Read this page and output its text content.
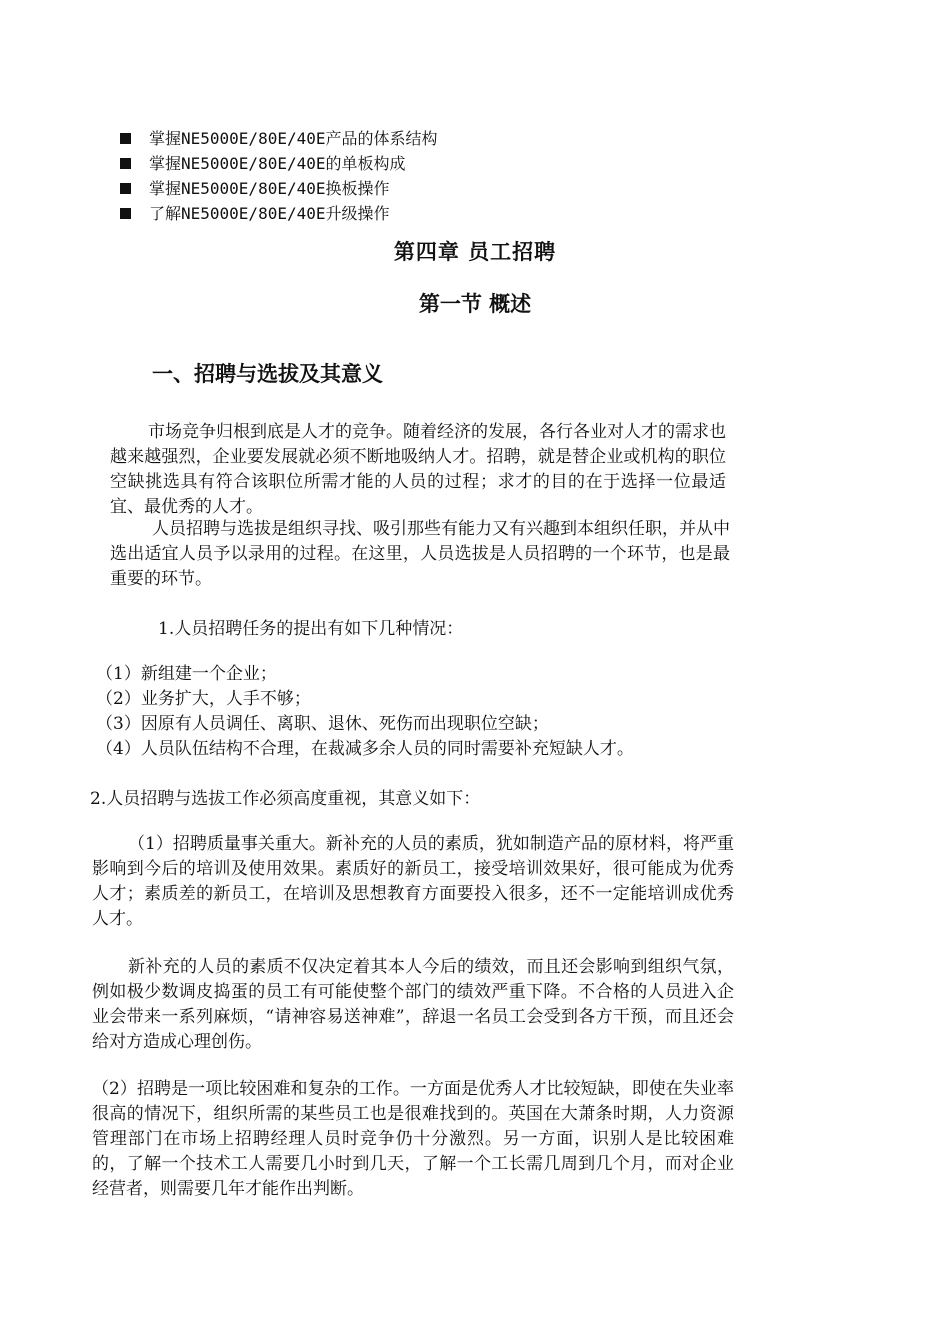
掌握NE5000E/80E/40E产品的体系结构
掌握NE5000E/80E/40E的单板构成
掌握NE5000E/80E/40E换板操作
了解NE5000E/80E/40E升级操作
第四章 员工招聘
第一节 概述
一、招聘与选拔及其意义

市场竞争归根到底是人才的竞争。随着经济的发展，各行各业对人才的需求也越来越强烈，企业要发展就必须不断地吸纳人才。招聘，就是替企业或机构的职位空缺挑选具有符合该职位所需才能的人员的过程；求才的目的在于选择一位最适宜、最优秀的人才。

人员招聘与选拔是组织寻找、吸引那些有能力又有兴趣到本组织任职，并从中选出适宜人员予以录用的过程。在这里，人员选拔是人员招聘的一个环节，也是最重要的环节。

1.人员招聘任务的提出有如下几种情况：
（1）新组建一个企业；
（2）业务扩大，人手不够；
（3）因原有人员调任、离职、退休、死伤而出现职位空缺；
（4）人员队伍结构不合理，在裁减多余人员的同时需要补充短缺人才。
2.人员招聘与选拔工作必须高度重视，其意义如下：

（1）招聘质量事关重大。新补充的人员的素质，犹如制造产品的原材料，将严重影响到今后的培训及使用效果。素质好的新员工，接受培训效果好，很可能成为优秀人才；素质差的新员工，在培训及思想教育方面要投入很多，还不一定能培训成优秀人才。

新补充的人员的素质不仅决定着其本人今后的绩效，而且还会影响到组织气氛，例如极少数调皮捣蛋的员工有可能使整个部门的绩效严重下降。不合格的人员进入企业会带来一系列麻烦，“请神容易送神难”，辞退一名员工会受到各方干预，而且还会给对方造成心理创伤。

（2）招聘是一项比较困难和复杂的工作。一方面是优秀人才比较短缺，即使在失业率很高的情况下，组织所需的某些员工也是很难找到的。英国在大萧条时期，人力资源管理部门在市场上招聘经理人员时竞争仍十分激烈。另一方面，识别人是比较困难的，了解一个技术工人需要几小时到几天，了解一个工长需几周到几个月，而对企业经营者，则需要几年才能作出判断。
